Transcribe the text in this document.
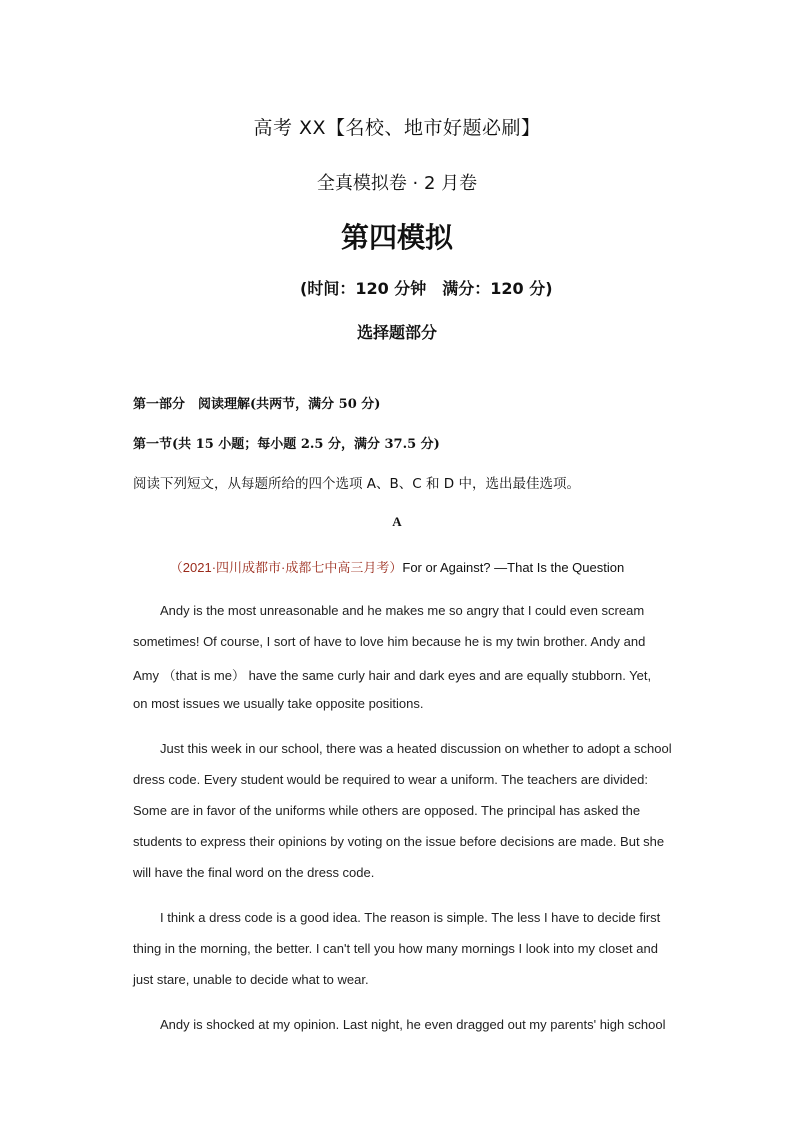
高考 XX【名校、地市好题必刷】
全真模拟卷 · 2 月卷
第四模拟
(时间：120 分钟　满分：120 分)
选择题部分
第一部分　阅读理解(共两节，满分 50 分)
第一节(共 15 小题；每小题 2.5 分，满分 37.5 分)
阅读下列短文，从每题所给的四个选项 A、B、C 和 D 中，选出最佳选项。
A
（2021·四川成都市·成都七中高三月考）For or Against? —That Is the Question
Andy is the most unreasonable and he makes me so angry that I could even scream
sometimes! Of course, I sort of have to love him because he is my twin brother. Andy and
Amy （that is me） have the same curly hair and dark eyes and are equally stubborn. Yet,
on most issues we usually take opposite positions.
Just this week in our school, there was a heated discussion on whether to adopt a school
dress code. Every student would be required to wear a uniform. The teachers are divided:
Some are in favor of the uniforms while others are opposed. The principal has asked the
students to express their opinions by voting on the issue before decisions are made. But she
will have the final word on the dress code.
I think a dress code is a good idea. The reason is simple. The less I have to decide first
thing in the morning, the better. I can't tell you how many mornings I look into my closet and
just stare, unable to decide what to wear.
Andy is shocked at my opinion. Last night, he even dragged out my parents' high school
